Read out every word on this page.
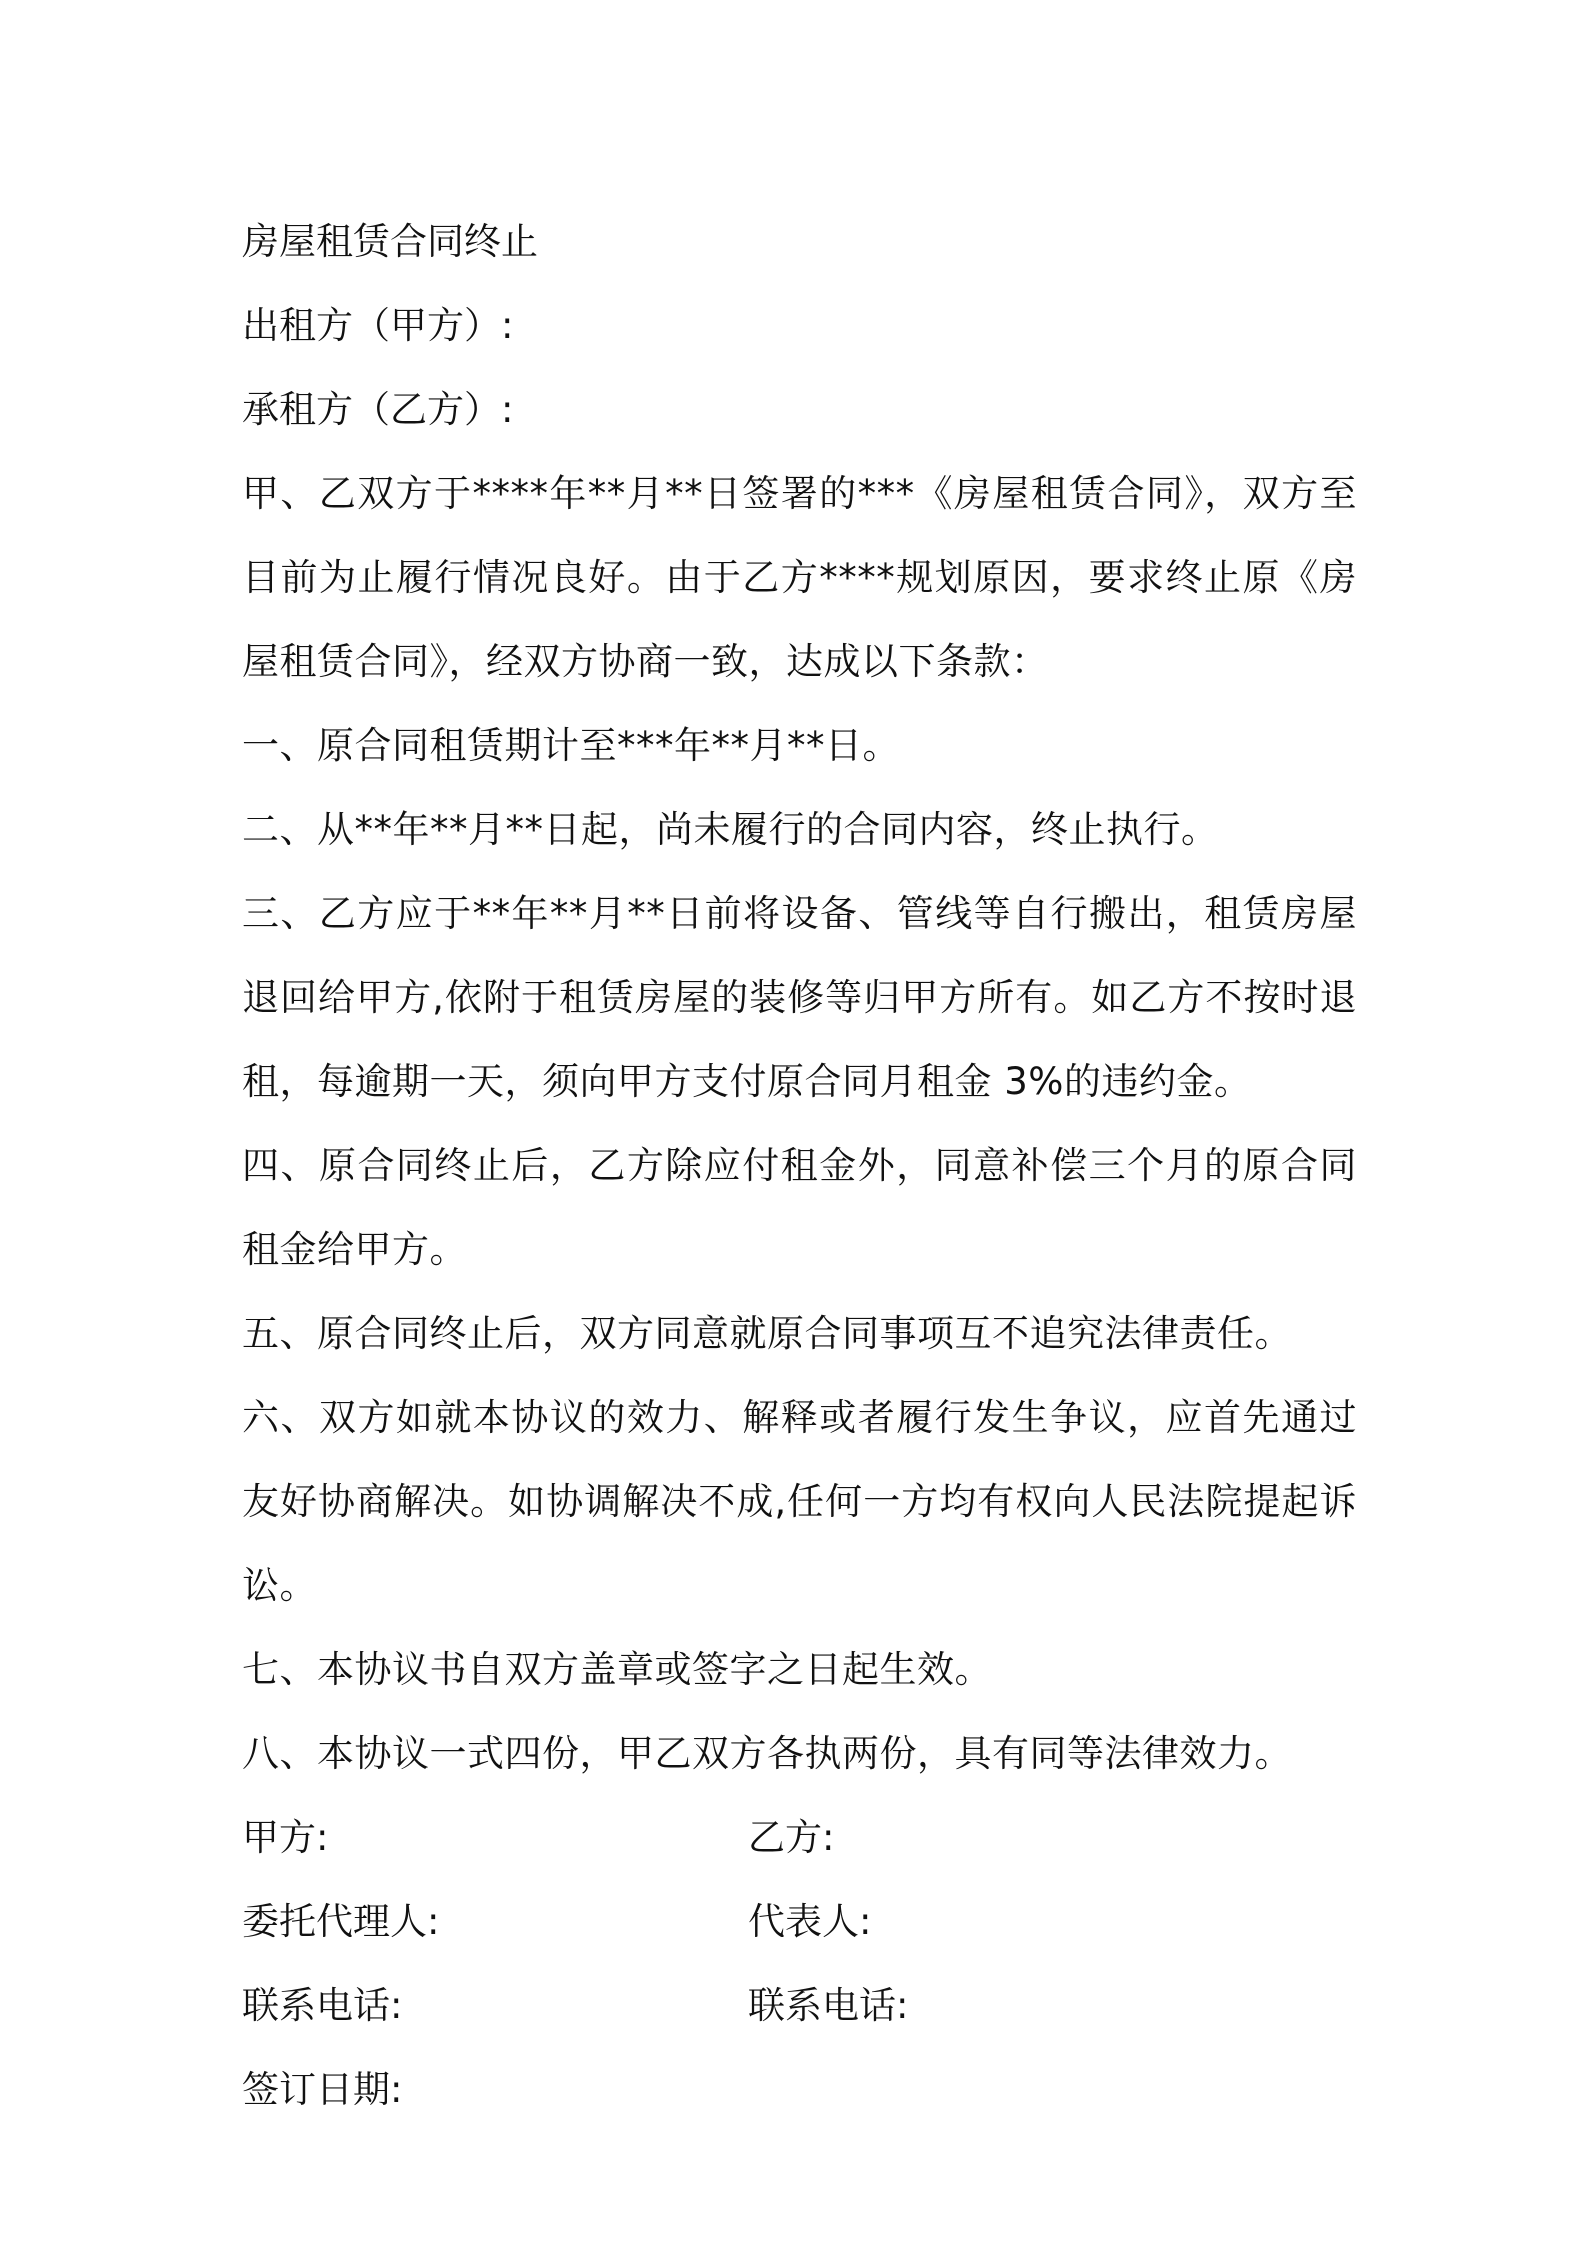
房屋租赁合同终止

出租方（甲方）:

承租方（乙方）:

甲、乙双方于****年**月**日签署的***《房屋租赁合同》，双方至目前为止履行情况良好。由于乙方****规划原因，要求终止原《房屋租赁合同》，经双方协商一致，达成以下条款：

一、原合同租赁期计至***年**月**日。

二、从**年**月**日起，尚未履行的合同内容，终止执行。

三、乙方应于**年**月**日前将设备、管线等自行搬出，租赁房屋退回给甲方,依附于租赁房屋的装修等归甲方所有。如乙方不按时退租，每逾期一天，须向甲方支付原合同月租金 3%的违约金。

四、原合同终止后，乙方除应付租金外，同意补偿三个月的原合同租金给甲方。

五、原合同终止后，双方同意就原合同事项互不追究法律责任。

六、双方如就本协议的效力、解释或者履行发生争议，应首先通过友好协商解决。如协调解决不成,任何一方均有权向人民法院提起诉讼。

七、本协议书自双方盖章或签字之日起生效。

八、本协议一式四份，甲乙双方各执两份，具有同等法律效力。

甲方:	乙方:
委托代理人:	代表人:
联系电话:	联系电话:
签订日期:
